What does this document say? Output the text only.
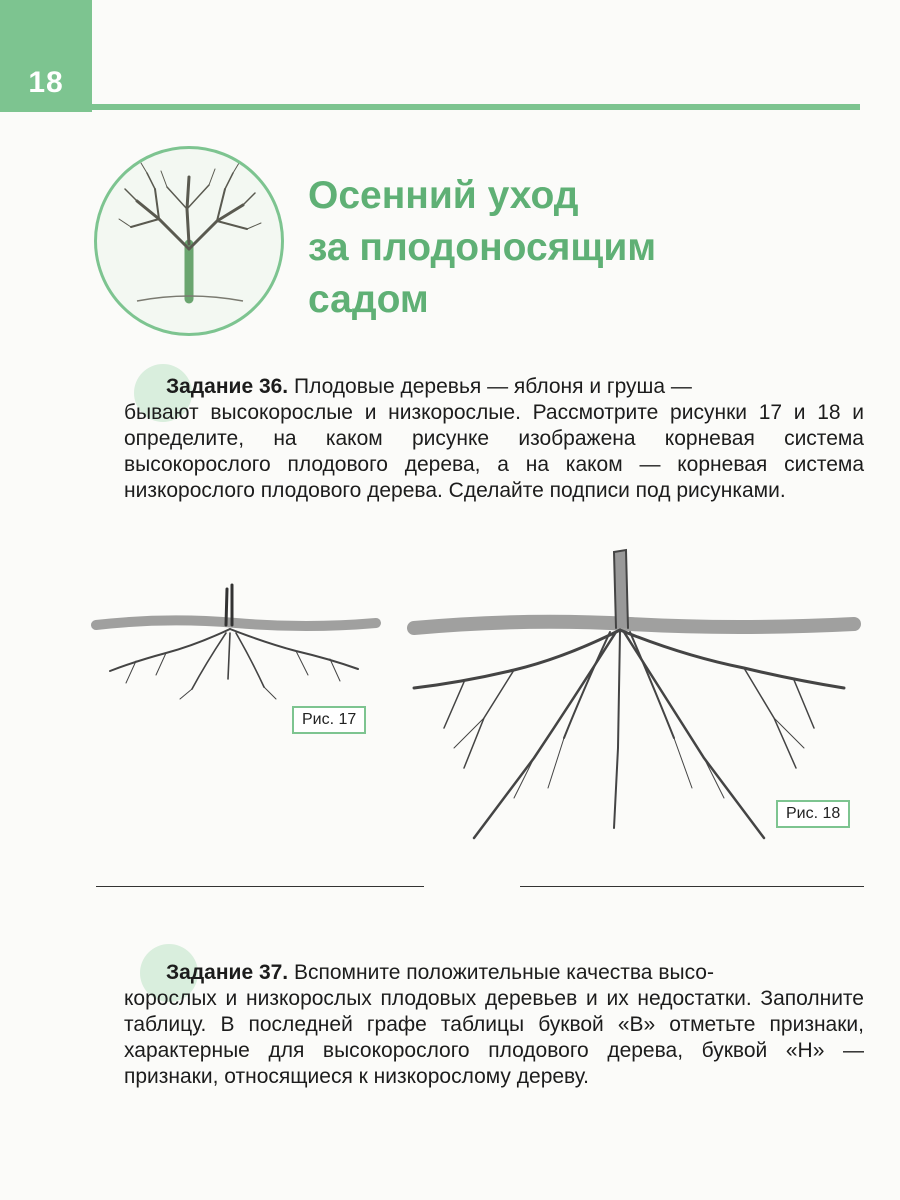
18
Осенний уход
за плодоносящим
садом

Задание 36. Плодовые деревья — яблоня и груша —

бывают высокорослые и низкорослые. Рассмотрите рисунки 17 и 18 и определите, на каком рисунке изображена корневая система высокорослого плодового дерева, а на каком — корневая система низкорослого плодового дерева. Сделайте подписи под рисунками.

Рис. 17
Рис. 18

Задание 37. Вспомните положительные качества высо-

корослых и низкорослых плодовых деревьев и их недостатки. Заполните таблицу. В последней графе таблицы буквой «В» отметьте признаки, характерные для высокорослого плодового дерева, буквой «Н» — признаки, относящиеся к низкорослому дереву.
